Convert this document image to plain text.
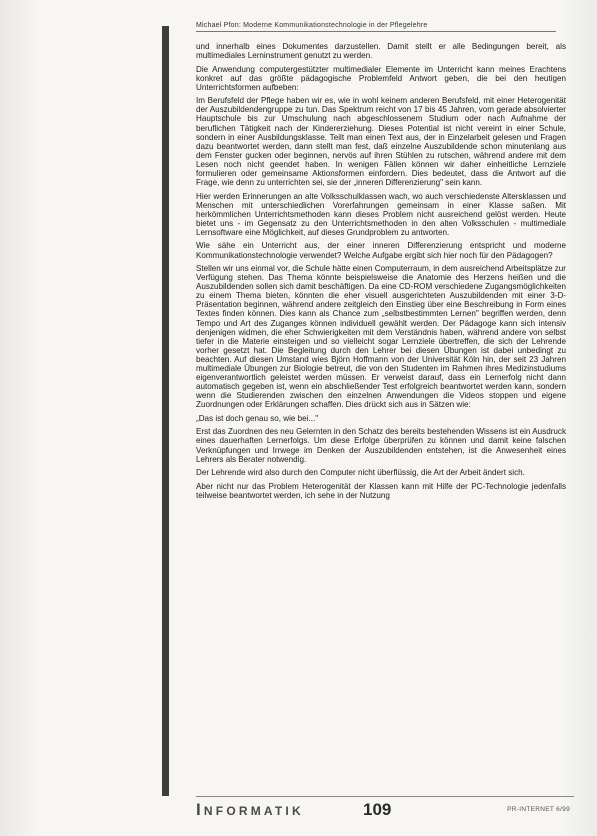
Michael Pfon: Moderne Kommunikationstechnologie in der Pflegelehre

und innerhalb eines Dokumentes darzustellen. Damit stellt er alle Bedingungen bereit, als multimediales Lerninstrument genutzt zu werden.

Die Anwendung computergestützter multimedialer Elemente im Unterricht kann meines Erachtens konkret auf das größte pädagogische Problemfeld Antwort geben, die bei den heutigen Unterrichtsformen aufbeben:

Im Berufsfeld der Pflege haben wir es, wie in wohl keinem anderen Berufsfeld, mit einer Heterogenität der Auszubildendengruppe zu tun. Das Spektrum reicht von 17 bis 45 Jahren, vom gerade absolvierter Hauptschule bis zur Umschulung nach abgeschlossenem Studium oder nach Aufnahme der beruflichen Tätigkeit nach der Kindererziehung. Dieses Potential ist nicht vereint in einer Schule, sondern in einer Ausbildungsklasse. Teilt man einen Text aus, der in Einzelarbeit gelesen und Fragen dazu beantwortet werden, dann stellt man fest, daß einzelne Auszubildende schon minutenlang aus dem Fenster gucken oder beginnen, nervös auf ihren Stühlen zu rutschen, während andere mit dem Lesen noch nicht geendet haben. In wenigen Fällen können wir daher einheitliche Lernziele formulieren oder gemeinsame Aktionsformen einfordern. Dies bedeutet, dass die Antwort auf die Frage, wie denn zu unterrichten sei, sie der „inneren Differenzierung" sein kann.

Hier werden Erinnerungen an alte Volksschulklassen wach, wo auch verschiedenste Altersklassen und Menschen mit unterschiedlichen Vorerfahrungen gemeinsam in einer Klasse saßen. Mit herkömmlichen Unterrichtsmethoden kann dieses Problem nicht ausreichend gelöst werden. Heute bietet uns - im Gegensatz zu den Unterrichtsmethoden in den alten Volksschulen - multimediale Lernsoftware eine Möglichkeit, auf dieses Grundproblem zu antworten.

Wie sähe ein Unterricht aus, der einer inneren Differenzierung entspricht und moderne Kommunikationstechnologie verwendet? Welche Aufgabe ergibt sich hier noch für den Pädagogen?

Stellen wir uns einmal vor, die Schule hätte einen Computerraum, in dem ausreichend Arbeitsplätze zur Verfügung stehen. Das Thema könnte beispielsweise die Anatomie des Herzens heißen und die Auszubildenden sollen sich damit beschäftigen. Da eine CD-ROM verschiedene Zugangsmöglichkeiten zu einem Thema bieten, könnten die eher visuell ausgerichteten Auszubildenden mit einer 3-D-Präsentation beginnen, während andere zeitgleich den Einstieg über eine Beschreibung in Form eines Textes finden können. Dies kann als Chance zum „selbstbestimmten Lernen" begriffen werden, denn Tempo und Art des Zuganges können individuell gewählt werden. Der Pädagoge kann sich intensiv denjenigen widmen, die eher Schwierigkeiten mit dem Verständnis haben, während andere von selbst tiefer in die Materie einsteigen und so vielleicht sogar Lernziele übertreffen, die sich der Lehrende vorher gesetzt hat. Die Begleitung durch den Lehrer bei diesen Übungen ist dabei unbedingt zu beachten. Auf diesen Umstand wies Björn Hoffmann von der Universität Köln hin, der seit 23 Jahren multimediale Übungen zur Biologie betreut, die von den Studenten im Rahmen ihres Medizinstudiums eigenverantwortlich geleistet werden müssen. Er verweist darauf, dass ein Lernerfolg nicht dann automatisch gegeben ist, wenn ein abschließender Test erfolgreich beantwortet werden kann, sondern wenn die Studierenden zwischen den einzelnen Anwendungen die Videos stoppen und eigene Zuordnungen oder Erklärungen schaffen. Dies drückt sich aus in Sätzen wie:

„Das ist doch genau so, wie bei..."

Erst das Zuordnen des neu Gelernten in den Schatz des bereits bestehenden Wissens ist ein Ausdruck eines dauerhaften Lernerfolgs. Um diese Erfolge überprüfen zu können und damit keine falschen Verknüpfungen und Irrwege im Denken der Auszubildenden entstehen, ist die Anwesenheit eines Lehrers als Berater notwendig.

Der Lehrende wird also durch den Computer nicht überflüssig, die Art der Arbeit ändert sich.

Aber nicht nur das Problem Heterogenität der Klassen kann mit Hilfe der PC-Technologie jedenfalls teilweise beantwortet werden, ich sehe in der Nutzung

Informatik	109	PR-INTERNET 6/99
